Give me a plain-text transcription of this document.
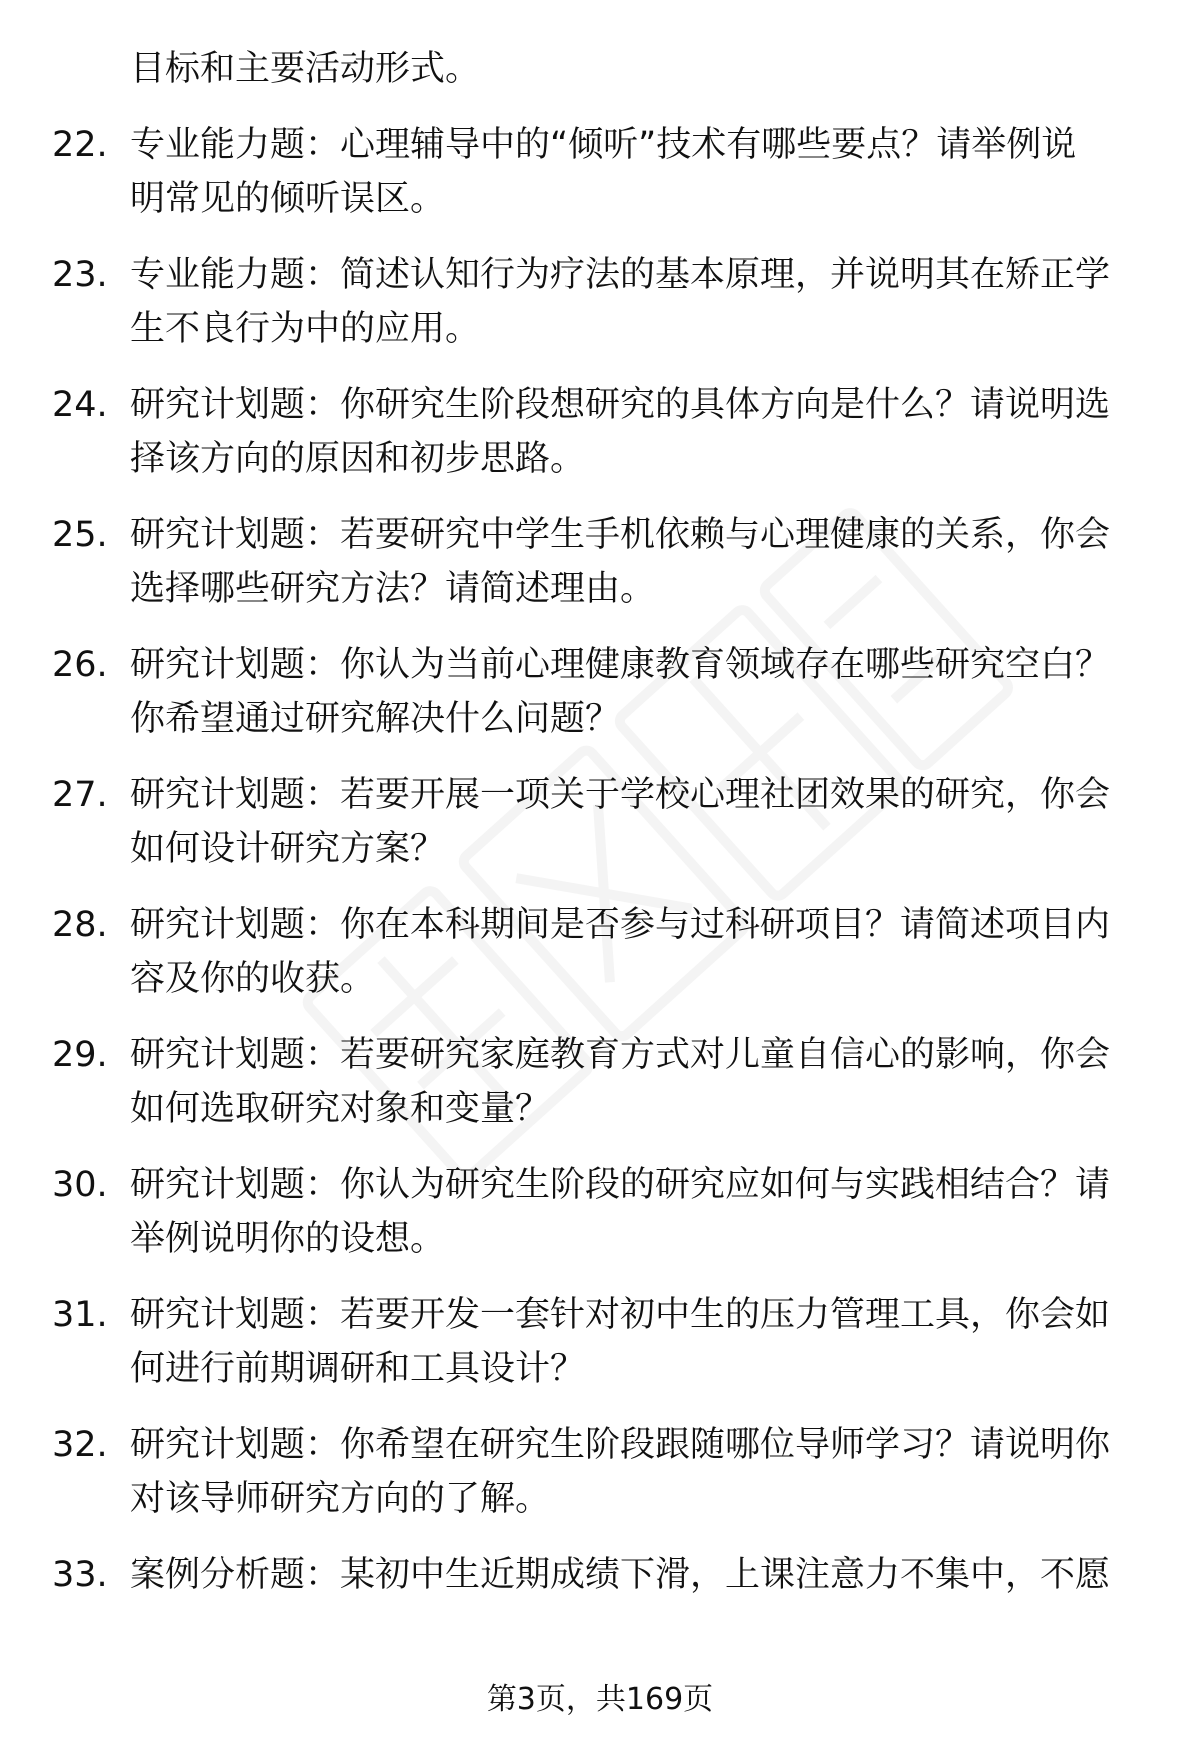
目标和主要活动形式。
22. 专业能力题：心理辅导中的“倾听”技术有哪些要点？请举例说
明常见的倾听误区。
23. 专业能力题：简述认知行为疗法的基本原理，并说明其在矫正学
生不良行为中的应用。
24. 研究计划题：你研究生阶段想研究的具体方向是什么？请说明选
择该方向的原因和初步思路。
25. 研究计划题：若要研究中学生手机依赖与心理健康的关系，你会
选择哪些研究方法？请简述理由。
26. 研究计划题：你认为当前心理健康教育领域存在哪些研究空白？
你希望通过研究解决什么问题？
27. 研究计划题：若要开展一项关于学校心理社团效果的研究，你会
如何设计研究方案？
28. 研究计划题：你在本科期间是否参与过科研项目？请简述项目内
容及你的收获。
29. 研究计划题：若要研究家庭教育方式对儿童自信心的影响，你会
如何选取研究对象和变量？
30. 研究计划题：你认为研究生阶段的研究应如何与实践相结合？请
举例说明你的设想。
31. 研究计划题：若要开发一套针对初中生的压力管理工具，你会如
何进行前期调研和工具设计？
32. 研究计划题：你希望在研究生阶段跟随哪位导师学习？请说明你
对该导师研究方向的了解。
33. 案例分析题：某初中生近期成绩下滑，上课注意力不集中，不愿
第3页，共169页
